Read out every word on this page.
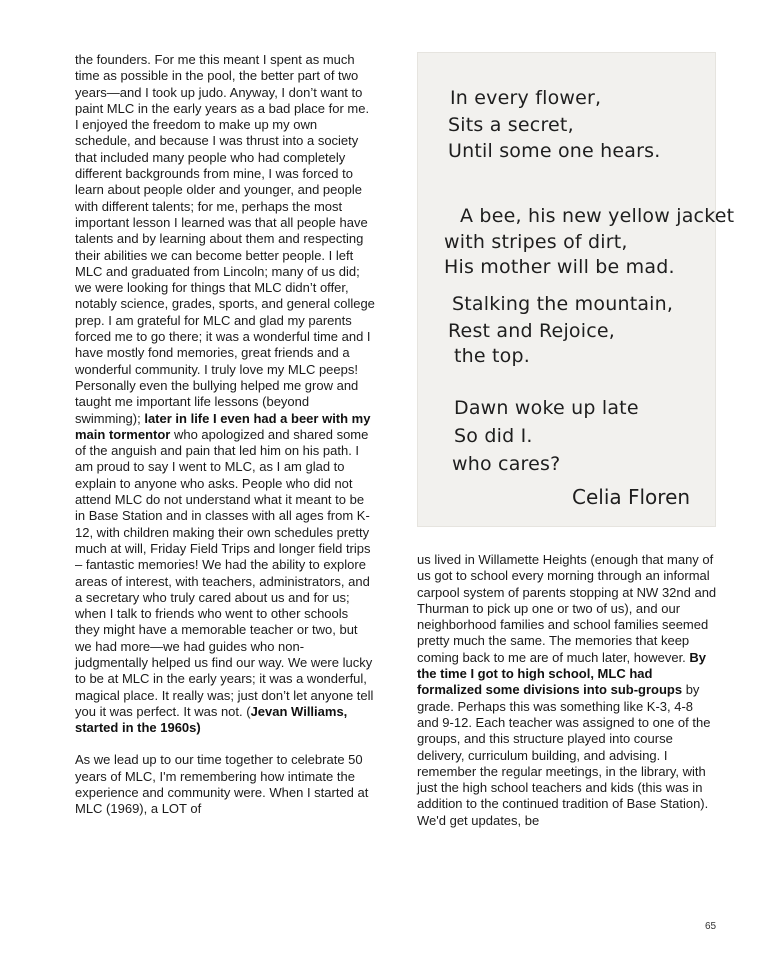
the founders. For me this meant I spent as much time as possible in the pool, the better part of two years—and I took up judo. Anyway, I don’t want to paint MLC in the early years as a bad place for me. I enjoyed the freedom to make up my own schedule, and because I was thrust into a society that included many people who had completely different backgrounds from mine, I was forced to learn about people older and younger, and people with different talents; for me, perhaps the most important lesson I learned was that all people have talents and by learning about them and respecting their abilities we can become better people. I left MLC and graduated from Lincoln; many of us did; we were looking for things that MLC didn’t offer, notably science, grades, sports, and general college prep. I am grateful for MLC and glad my parents forced me to go there; it was a wonderful time and I have mostly fond memories, great friends and a wonderful community. I truly love my MLC peeps! Personally even the bullying helped me grow and taught me important life lessons (beyond swimming); later in life I even had a beer with my main tormentor who apologized and shared some of the anguish and pain that led him on his path. I am proud to say I went to MLC, as I am glad to explain to anyone who asks. People who did not attend MLC do not understand what it meant to be in Base Station and in classes with all ages from K-12, with children making their own schedules pretty much at will, Friday Field Trips and longer field trips – fantastic memories! We had the ability to explore areas of interest, with teachers, administrators, and a secretary who truly cared about us and for us; when I talk to friends who went to other schools they might have a memorable teacher or two, but we had more—we had guides who non-judgmentally helped us find our way. We were lucky to be at MLC in the early years; it was a wonderful, magical place. It really was; just don’t let anyone tell you it was perfect. It was not. (Jevan Williams, started in the 1960s)

As we lead up to our time together to celebrate 50 years of MLC, I'm remembering how intimate the experience and community were. When I started at MLC (1969), a LOT of

In every flower,
Sits a secret,
Until some one hears.
A bee, his new yellow jacket
with stripes of dirt,
His mother will be mad.
Stalking the mountain,
Rest and Rejoice,
the top.
Dawn woke up late
So did I.
who cares?
Celia Floren

us lived in Willamette Heights (enough that many of us got to school every morning through an informal carpool system of parents stopping at NW 32nd and Thurman to pick up one or two of us), and our neighborhood families and school families seemed pretty much the same. The memories that keep coming back to me are of much later, however. By the time I got to high school, MLC had formalized some divisions into sub-groups by grade. Perhaps this was something like K-3, 4-8 and 9-12. Each teacher was assigned to one of the groups, and this structure played into course delivery, curriculum building, and advising. I remember the regular meetings, in the library, with just the high school teachers and kids (this was in addition to the continued tradition of Base Station). We'd get updates, be

65
